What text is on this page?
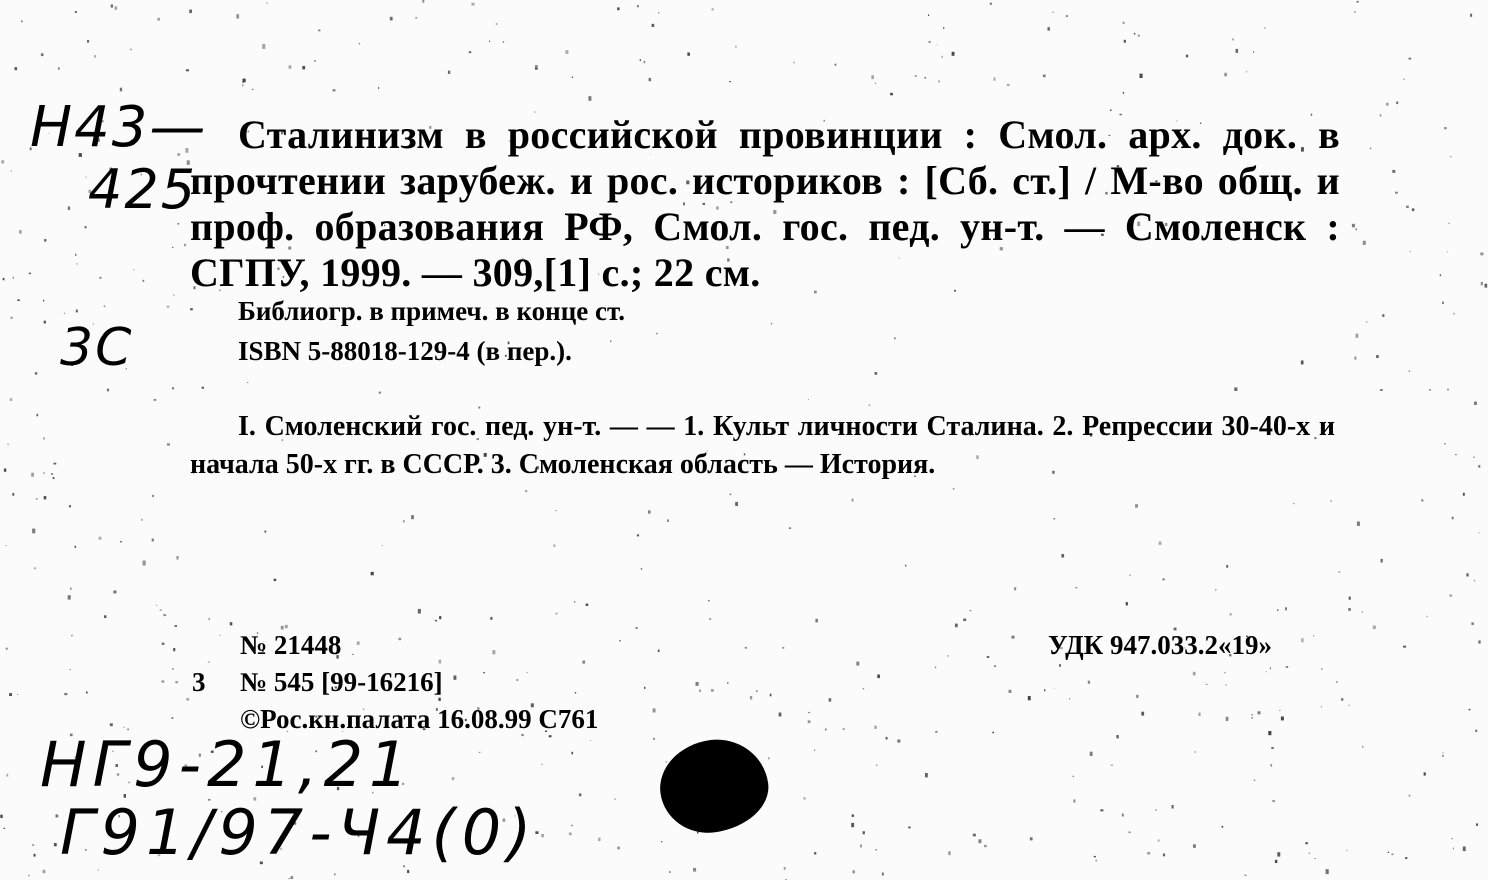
Н43—
425
3C
Сталинизм в российской провинции : Смол. арх. док. в прочтении зарубеж. и рос. историков : [Сб. ст.] / М-во общ. и проф. образования РФ, Смол. гос. пед. ун-т. — Смоленск : СГПУ, 1999. — 309,[1] с.; 22 см.
Библиогр. в примеч. в конце ст.
ISBN 5-88018-129-4 (в пер.).
I. Смоленский гос. пед. ун-т. — — 1. Культ личности Сталина. 2. Репрессии 30-40-х и начала 50-х гг. в СССР. 3. Смоленская область — История.
№ 21448
3 № 545 [99-16216]
©Рос.кн.палата 16.08.99 С761
УДК 947.033.2«19»
НГ9-21,21
Г91/97-Ч4(0)
